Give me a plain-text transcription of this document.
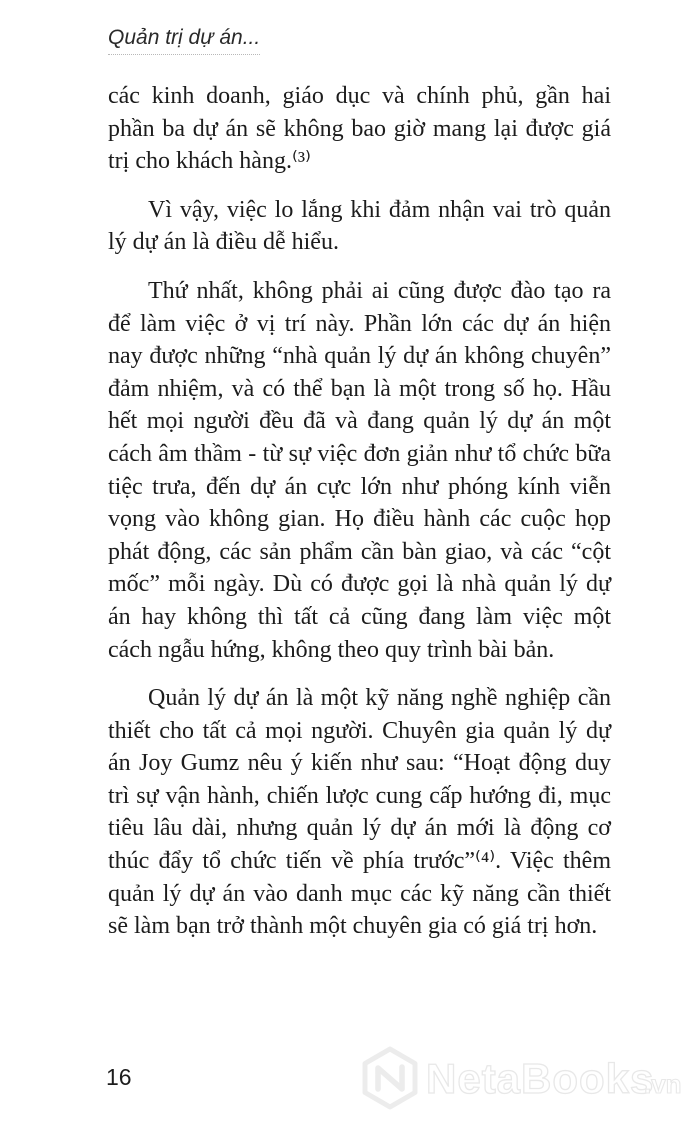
Quản trị dự án...

các kinh doanh, giáo dục và chính phủ, gần hai phần ba dự án sẽ không bao giờ mang lại được giá trị cho khách hàng.⁽³⁾

Vì vậy, việc lo lắng khi đảm nhận vai trò quản lý dự án là điều dễ hiểu.

Thứ nhất, không phải ai cũng được đào tạo ra để làm việc ở vị trí này. Phần lớn các dự án hiện nay được những “nhà quản lý dự án không chuyên” đảm nhiệm, và có thể bạn là một trong số họ. Hầu hết mọi người đều đã và đang quản lý dự án một cách âm thầm - từ sự việc đơn giản như tổ chức bữa tiệc trưa, đến dự án cực lớn như phóng kính viễn vọng vào không gian. Họ điều hành các cuộc họp phát động, các sản phẩm cần bàn giao, và các “cột mốc” mỗi ngày. Dù có được gọi là nhà quản lý dự án hay không thì tất cả cũng đang làm việc một cách ngẫu hứng, không theo quy trình bài bản.

Quản lý dự án là một kỹ năng nghề nghiệp cần thiết cho tất cả mọi người. Chuyên gia quản lý dự án Joy Gumz nêu ý kiến như sau: “Hoạt động duy trì sự vận hành, chiến lược cung cấp hướng đi, mục tiêu lâu dài, nhưng quản lý dự án mới là động cơ thúc đẩy tổ chức tiến về phía trước”⁽⁴⁾. Việc thêm quản lý dự án vào danh mục các kỹ năng cần thiết sẽ làm bạn trở thành một chuyên gia có giá trị hơn.

16	NetaBooks
.vn
